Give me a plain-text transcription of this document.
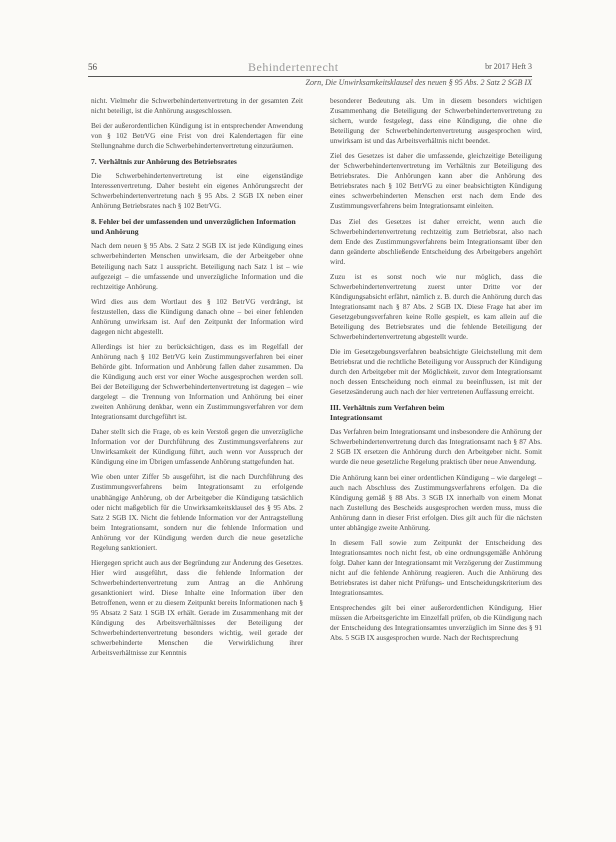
56	Behindertenrecht	br 2017 Heft 3
Zorn, Die Unwirksamkeitsklausel des neuen § 95 Abs. 2 Satz 2 SGB IX

nicht. Vielmehr die Schwerbehindertenvertretung in der gesamten Zeit nicht beteiligt, ist die Anhörung ausgeschlossen.

Bei der außerordentlichen Kündigung ist in entsprechender Anwendung von § 102 BetrVG eine Frist von drei Kalendertagen für eine Stellungnahme durch die Schwerbehindertenvertretung einzuräumen.

7. Verhältnis zur Anhörung des Betriebsrates

Die Schwerbehindertenvertretung ist eine eigenständige Interessenvertretung. Daher besteht ein eigenes Anhörungsrecht der Schwerbehindertenvertretung nach § 95 Abs. 2 SGB IX neben einer Anhörung Betriebsrates nach § 102 BetrVG.

8. Fehler bei der umfassenden und unverzüglichen Information und Anhörung

Nach dem neuen § 95 Abs. 2 Satz 2 SGB IX ist jede Kündigung eines schwerbehinderten Menschen unwirksam, die der Arbeitgeber ohne Beteiligung nach Satz 1 ausspricht. Beteiligung nach Satz 1 ist – wie aufgezeigt – die umfassende und unverzügliche Information und die rechtzeitige Anhörung.

Wird dies aus dem Wortlaut des § 102 BetrVG verdrängt, ist festzustellen, dass die Kündigung danach ohne – bei einer fehlenden Anhörung unwirksam ist. Auf den Zeitpunkt der Information wird dagegen nicht abgestellt.

Allerdings ist hier zu berücksichtigen, dass es im Regelfall der Anhörung nach § 102 BetrVG kein Zustimmungsverfahren bei einer Behörde gibt. Information und Anhörung fallen daher zusammen. Da die Kündigung auch erst vor einer Woche ausgesprochen werden soll. Bei der Beteiligung der Schwerbehindertenvertretung ist dagegen – wie dargelegt – die Trennung von Information und Anhörung bei einer zweiten Anhörung denkbar, wenn ein Zustimmungsverfahren vor dem Integrationsamt durchgeführt ist.

Daher stellt sich die Frage, ob es kein Verstoß gegen die unverzügliche Information vor der Durchführung des Zustimmungsverfahrens zur Unwirksamkeit der Kündigung führt, auch wenn vor Ausspruch der Kündigung eine im Übrigen umfassende Anhörung stattgefunden hat.

Wie oben unter Ziffer 5b ausgeführt, ist die nach Durchführung des Zustimmungsverfahrens beim Integrationsamt zu erfolgende unabhängige Anhörung, ob der Arbeitgeber die Kündigung tatsächlich oder nicht maßgeblich für die Unwirksamkeitsklausel des § 95 Abs. 2 Satz 2 SGB IX. Nicht die fehlende Information vor der Antragstellung beim Integrationsamt, sondern nur die fehlende Information und Anhörung vor der Kündigung werden durch die neue gesetzliche Regelung sanktioniert.

Hiergegen spricht auch aus der Begründung zur Änderung des Gesetzes. Hier wird ausgeführt, dass die fehlende Information der Schwerbehindertenvertretung zum Antrag an die Anhörung gesanktioniert wird. Diese Inhalte eine Information über den Betroffenen, wenn er zu diesem Zeitpunkt bereits Informationen nach § 95 Absatz 2 Satz 1 SGB IX erhält. Gerade im Zusammenhang mit der Kündigung des Arbeitsverhältnisses der Beteiligung der Schwerbehindertenvertretung besonders wichtig, weil gerade der schwerbehinderte Menschen die Verwirklichung ihrer Arbeitsverhältnisse zur Kenntnis

besonderer Bedeutung als. Um in diesem besonders wichtigen Zusammenhang die Beteiligung der Schwerbehindertenvertretung zu sichern, wurde festgelegt, dass eine Kündigung, die ohne die Beteiligung der Schwerbehindertenvertretung ausgesprochen wird, unwirksam ist und das Arbeitsverhältnis nicht beendet.

Ziel des Gesetzes ist daher die umfassende, gleichzeitige Beteiligung der Schwerbehindertenvertretung im Verhältnis zur Beteiligung des Betriebsrates. Die Anhörungen kann aber die Anhörung des Betriebsrates nach § 102 BetrVG zu einer beabsichtigten Kündigung eines schwerbehinderten Menschen erst nach dem Ende des Zustimmungsverfahrens beim Integrationsamt einleiten.

Das Ziel des Gesetzes ist daher erreicht, wenn auch die Schwerbehindertenvertretung rechtzeitig zum Betriebsrat, also nach dem Ende des Zustimmungsverfahrens beim Integrationsamt über den dann geänderte abschließende Entscheidung des Arbeitgebers angehört wird.

Zuzu ist es sonst noch wie nur möglich, dass die Schwerbehindertenvertretung zuerst unter Dritte vor der Kündigungsabsicht erfährt, nämlich z. B. durch die Anhörung durch das Integrationsamt nach § 87 Abs. 2 SGB IX. Diese Frage hat aber im Gesetzgebungsverfahren keine Rolle gespielt, es kam allein auf die Beteiligung des Betriebsrates und die fehlende Beteiligung der Schwerbehindertenvertretung abgestellt wurde.

Die im Gesetzgebungsverfahren beabsichtigte Gleichstellung mit dem Betriebsrat und die rechtliche Beteiligung vor Ausspruch der Kündigung durch den Arbeitgeber mit der Möglichkeit, zuvor dem Integrationsamt noch dessen Entscheidung noch einmal zu beeinflussen, ist mit der Gesetzesänderung auch nach der hier vertretenen Auffassung erreicht.

III. Verhältnis zum Verfahren beim
Integrationsamt

Das Verfahren beim Integrationsamt und insbesondere die Anhörung der Schwerbehindertenvertretung durch das Integrationsamt nach § 87 Abs. 2 SGB IX ersetzen die Anhörung durch den Arbeitgeber nicht. Somit wurde die neue gesetzliche Regelung praktisch über neue Anwendung.

Die Anhörung kann bei einer ordentlichen Kündigung – wie dargelegt – auch nach Abschluss des Zustimmungsverfahrens erfolgen. Da die Kündigung gemäß § 88 Abs. 3 SGB IX innerhalb von einem Monat nach Zustellung des Bescheids ausgesprochen werden muss, muss die Anhörung dann in dieser Frist erfolgen. Dies gilt auch für die nächsten unter abhängige zweite Anhörung.

In diesem Fall sowie zum Zeitpunkt der Entscheidung des Integrationsamtes noch nicht fest, ob eine ordnungsgemäße Anhörung folgt. Daher kann der Integrationsamt mit Verzögerung der Zustimmung nicht auf die fehlende Anhörung reagieren. Auch die Anhörung des Betriebsrates ist daher nicht Prüfungs- und Entscheidungskriterium des Integrationsamtes.

Entsprechendes gilt bei einer außerordentlichen Kündigung. Hier müssen die Arbeitsgerichte im Einzelfall prüfen, ob die Kündigung nach der Entscheidung des Integrationsamtes unverzüglich im Sinne des § 91 Abs. 5 SGB IX ausgesprochen wurde. Nach der Rechtsprechung
